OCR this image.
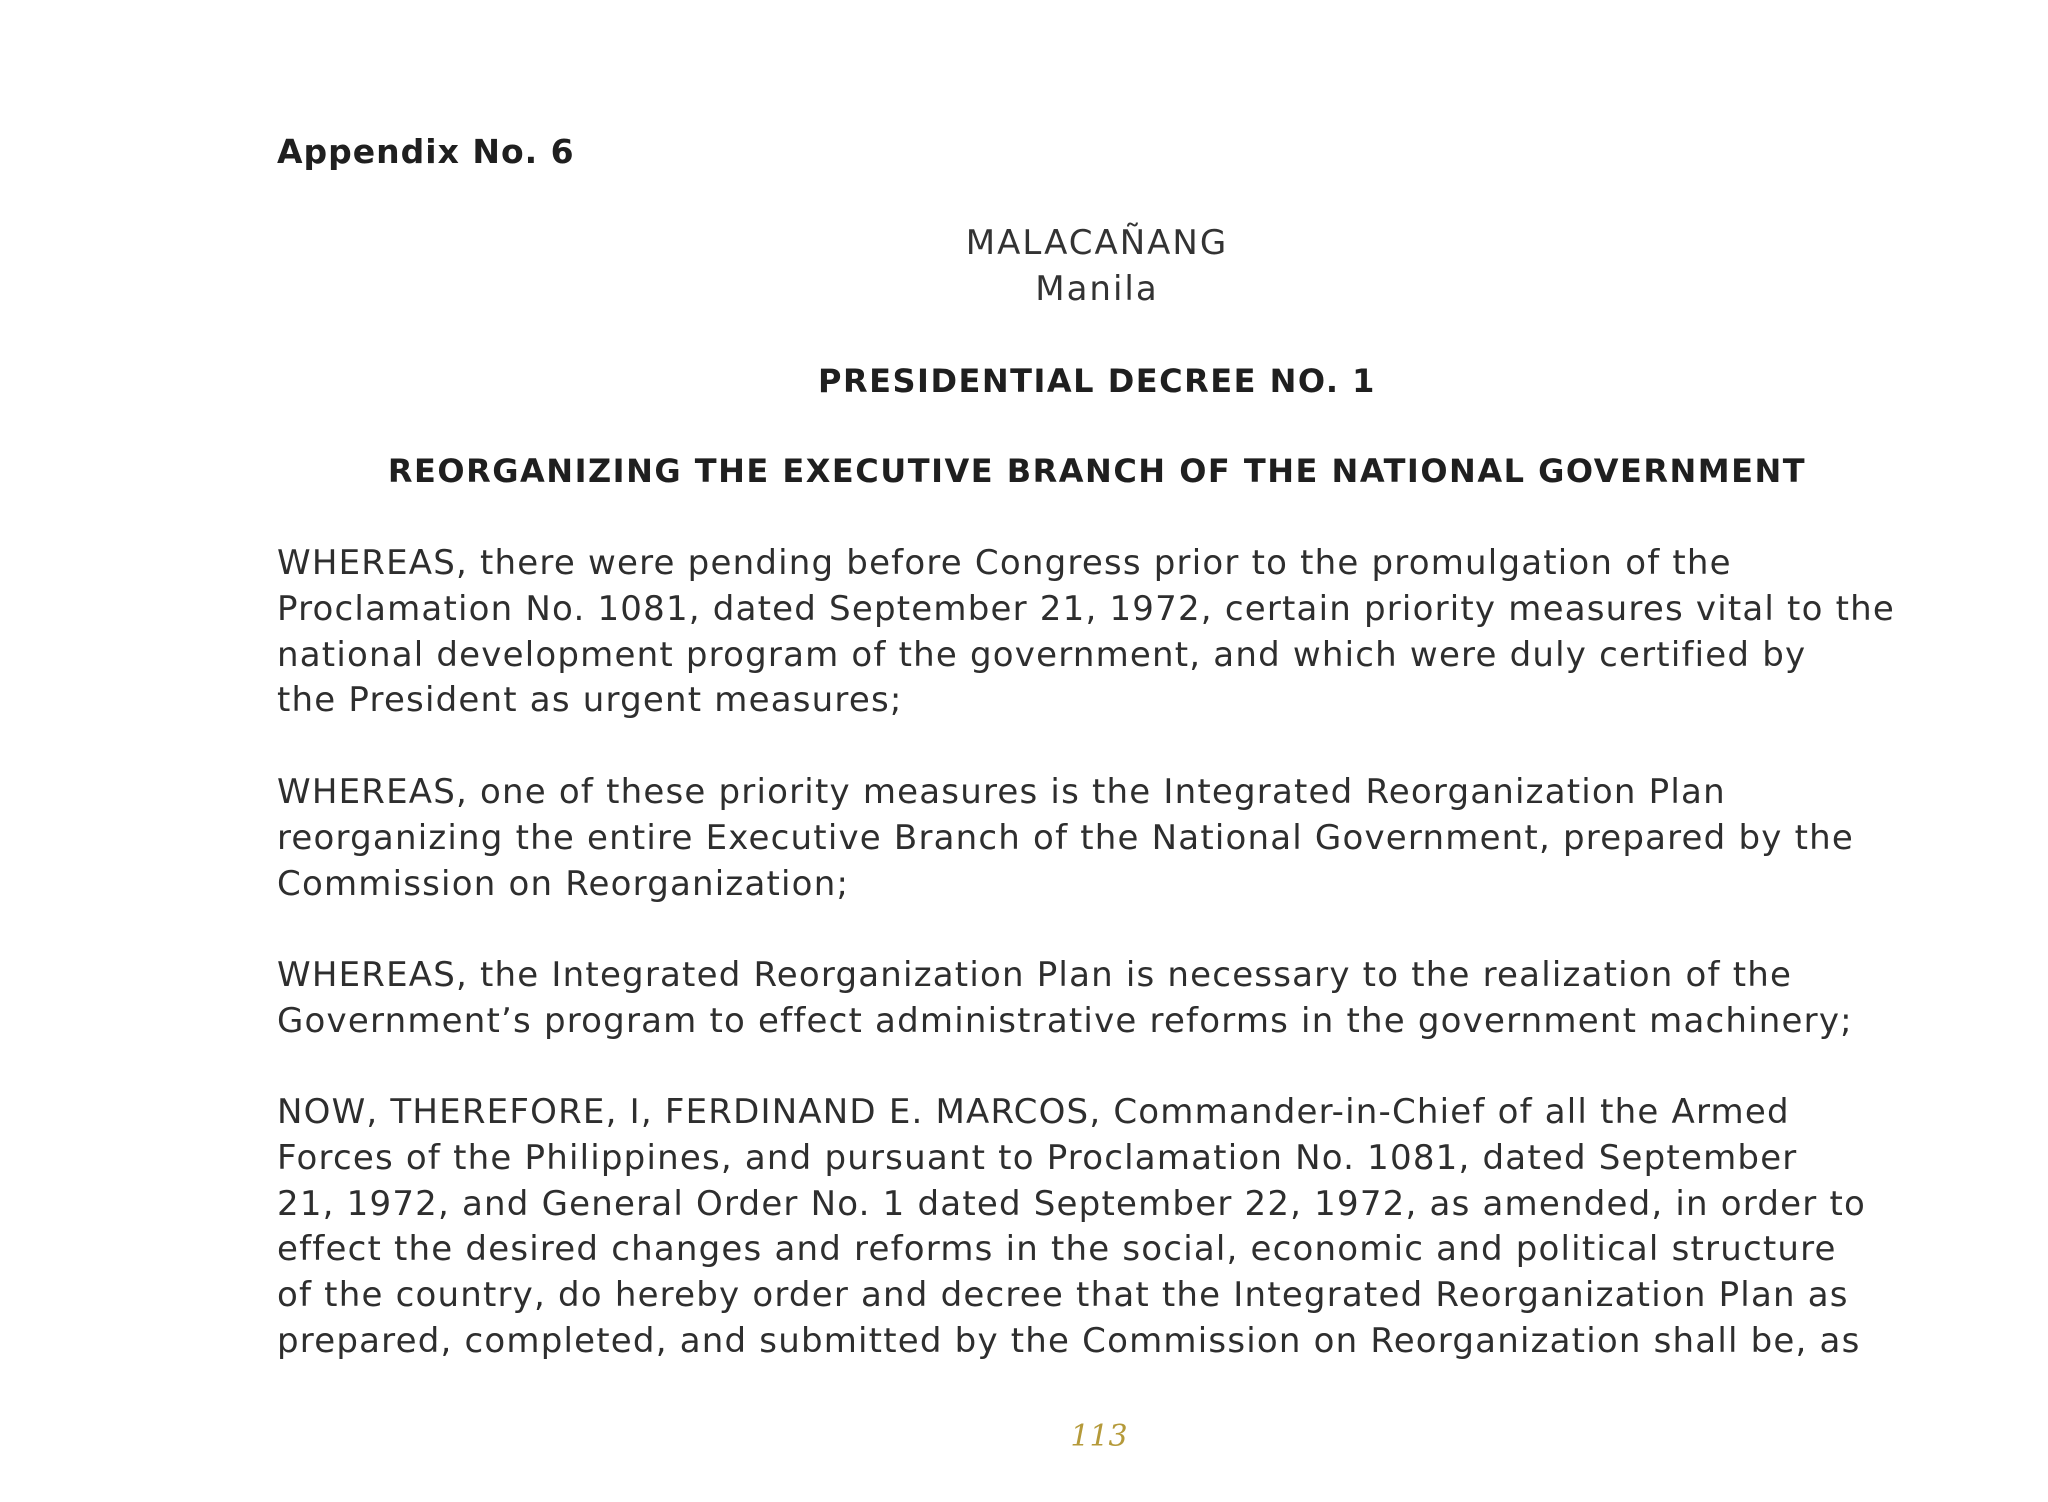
Appendix No. 6
MALACAÑANG
Manila
PRESIDENTIAL DECREE NO. 1
REORGANIZING THE EXECUTIVE BRANCH OF THE NATIONAL GOVERNMENT
WHEREAS, there were pending before Congress prior to the promulgation of the
Proclamation No. 1081, dated September 21, 1972, certain priority measures vital to the
national development program of the government, and which were duly certified by
the President as urgent measures;
WHEREAS, one of these priority measures is the Integrated Reorganization Plan
reorganizing the entire Executive Branch of the National Government, prepared by the
Commission on Reorganization;
WHEREAS, the Integrated Reorganization Plan is necessary to the realization of the
Government’s program to effect administrative reforms in the government machinery;
NOW, THEREFORE, I, FERDINAND E. MARCOS, Commander-in-Chief of all the Armed
Forces of the Philippines, and pursuant to Proclamation No. 1081, dated September
21, 1972, and General Order No. 1 dated September 22, 1972, as amended, in order to
effect the desired changes and reforms in the social, economic and political structure
of the country, do hereby order and decree that the Integrated Reorganization Plan as
prepared, completed, and submitted by the Commission on Reorganization shall be, as
113
